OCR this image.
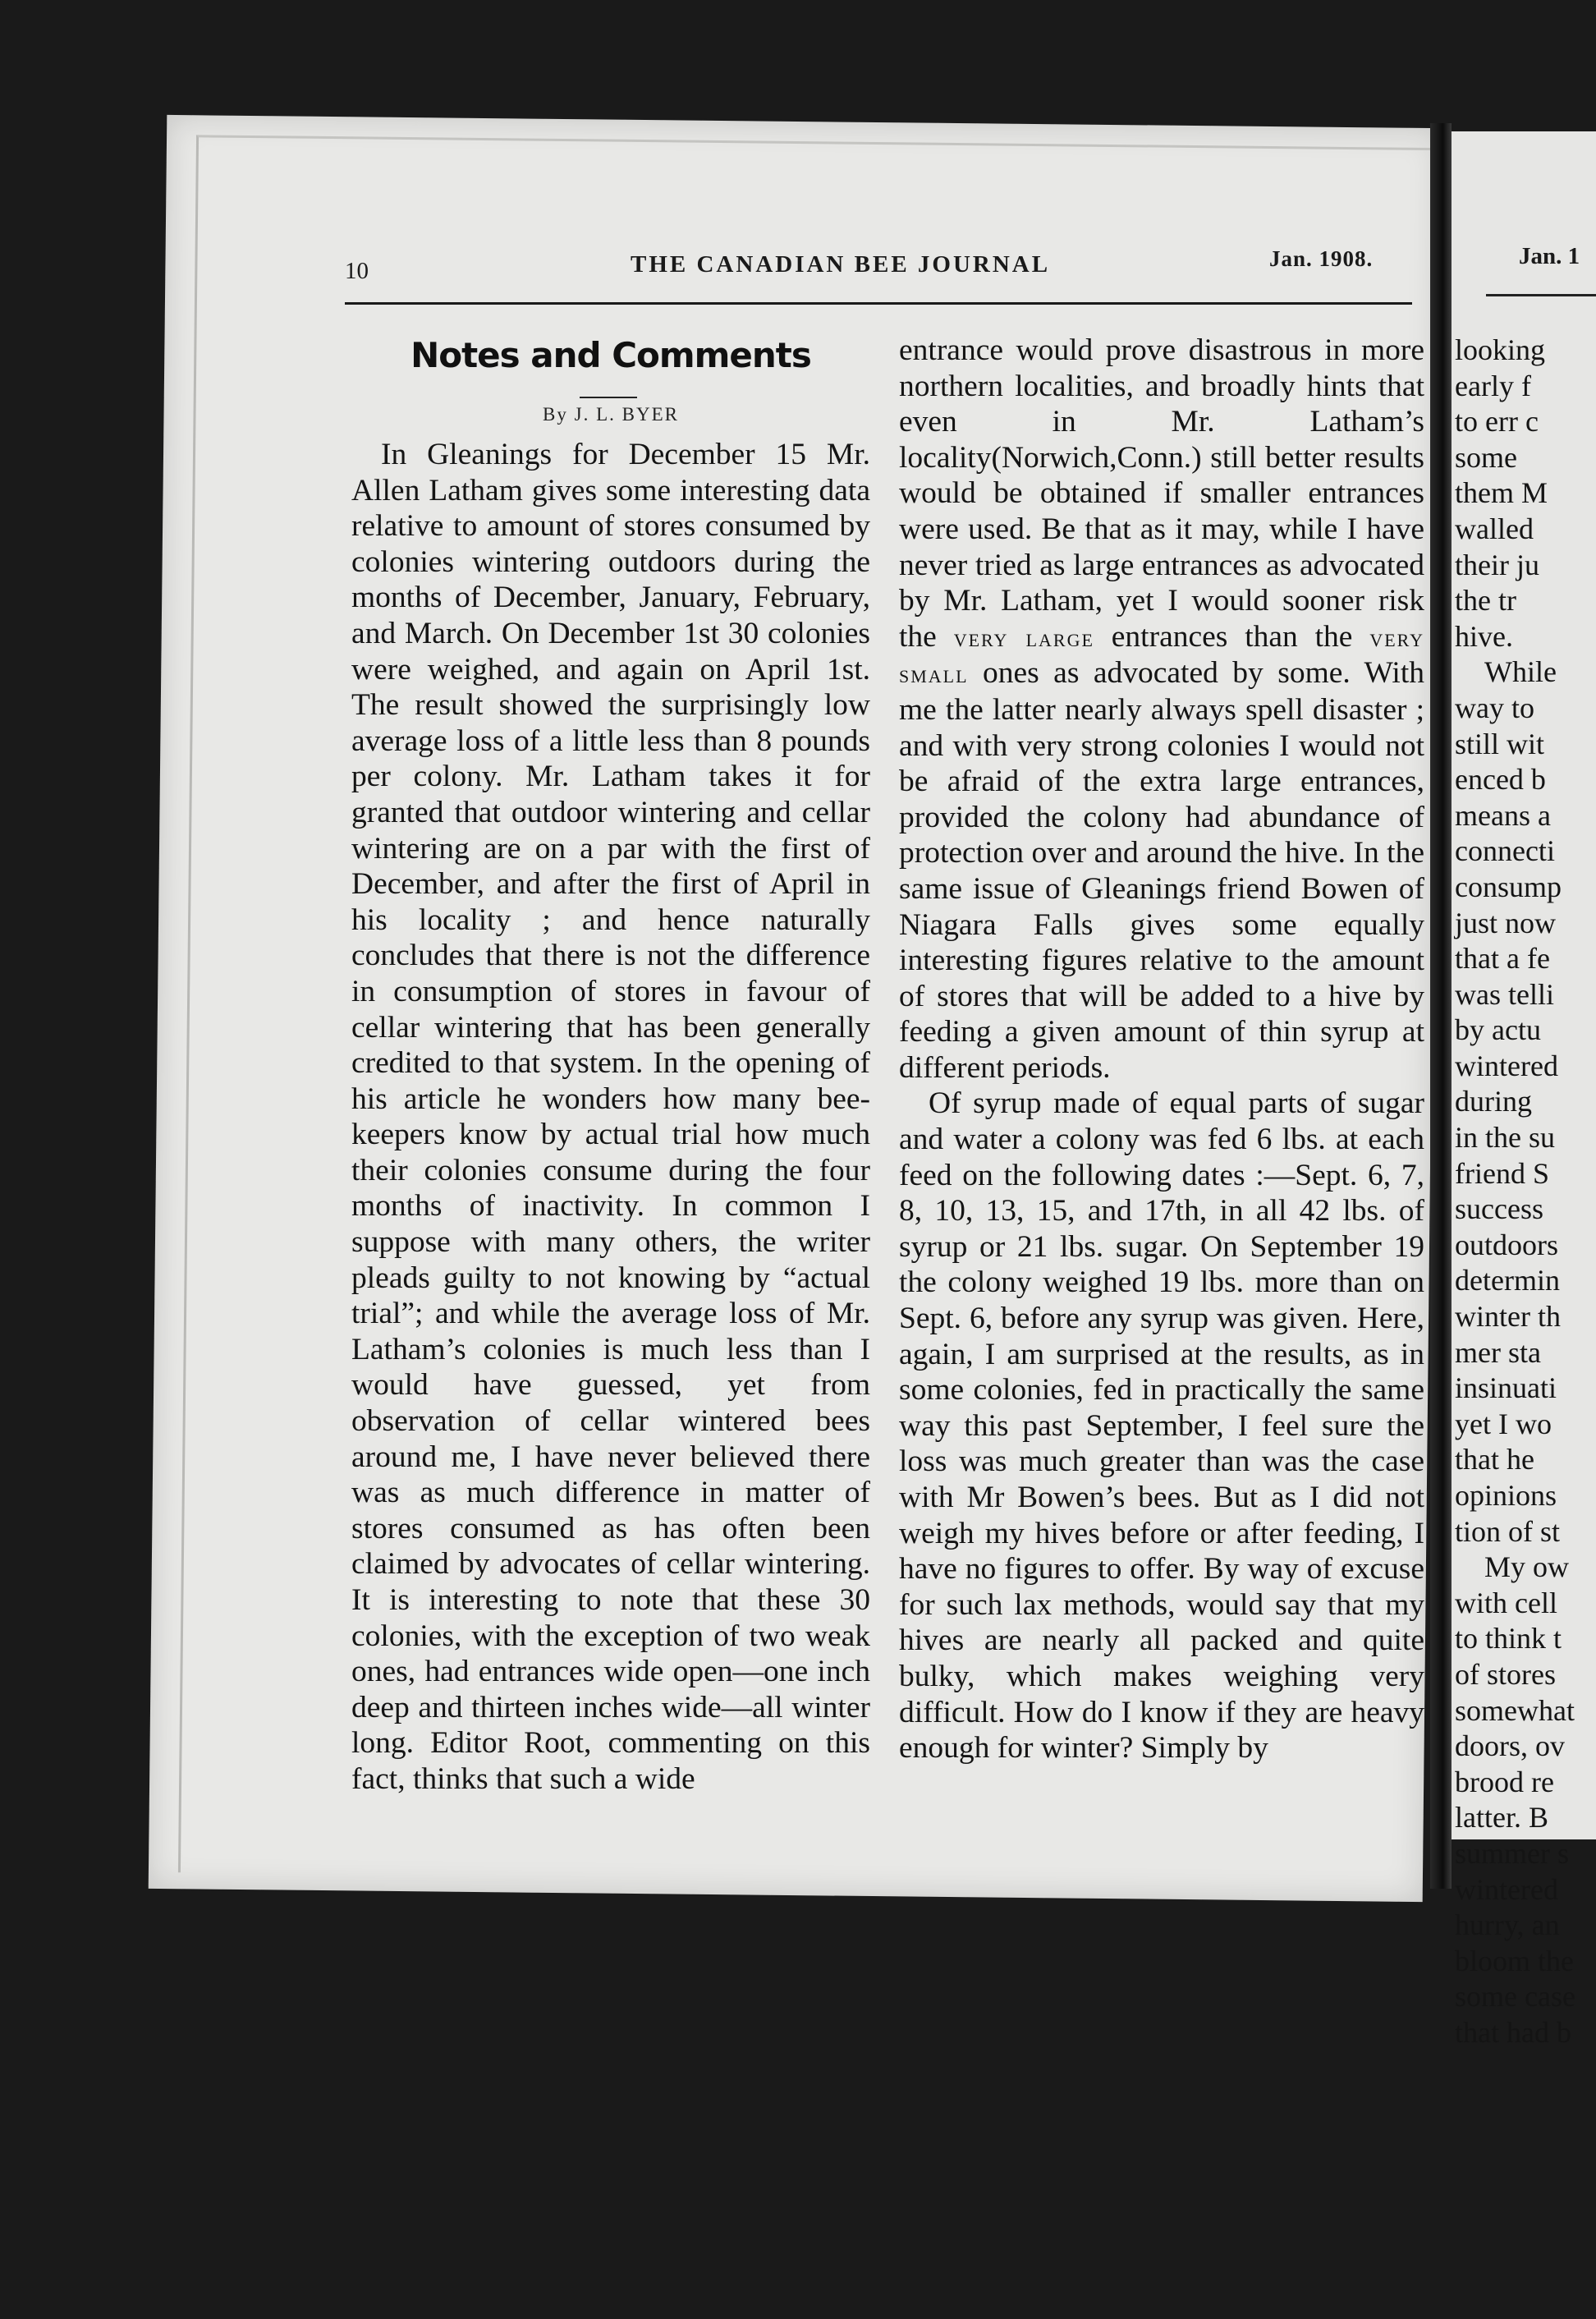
10	THE CANADIAN BEE JOURNAL	Jan. 1908.
Notes and Comments
By J. L. BYER

In Gleanings for December 15 Mr. Allen Latham gives some interesting data relative to amount of stores consumed by colonies wintering outdoors during the months of December, January, February, and March. On December 1st 30 colonies were weighed, and again on April 1st. The result showed the surprisingly low average loss of a little less than 8 pounds per colony. Mr. Latham takes it for granted that outdoor wintering and cellar wintering are on a par with the first of December, and after the first of April in his locality ; and hence naturally concludes that there is not the difference in consumption of stores in favour of cellar wintering that has been generally credited to that system. In the opening of his article he wonders how many bee-keepers know by actual trial how much their colonies consume during the four months of inactivity. In common I suppose with many others, the writer pleads guilty to not knowing by “actual trial”; and while the average loss of Mr. Latham’s colonies is much less than I would have guessed, yet from observation of cellar wintered bees around me, I have never believed there was as much difference in matter of stores consumed as has often been claimed by advocates of cellar wintering. It is interesting to note that these 30 colonies, with the exception of two weak ones, had entrances wide open—one inch deep and thirteen inches wide—all winter long. Editor Root, commenting on this fact, thinks that such a wide

entrance would prove disastrous in more northern localities, and broadly hints that even in Mr. Latham’s locality(Norwich,Conn.) still better results would be obtained if smaller entrances were used. Be that as it may, while I have never tried as large entrances as advocated by Mr. Latham, yet I would sooner risk the very large entrances than the very small ones as advocated by some. With me the latter nearly always spell disaster ; and with very strong colonies I would not be afraid of the extra large entrances, provided the colony had abundance of protection over and around the hive. In the same issue of Gleanings friend Bowen of Niagara Falls gives some equally interesting figures relative to the amount of stores that will be added to a hive by feeding a given amount of thin syrup at different periods.

Of syrup made of equal parts of sugar and water a colony was fed 6 lbs. at each feed on the following dates :—Sept. 6, 7, 8, 10, 13, 15, and 17th, in all 42 lbs. of syrup or 21 lbs. sugar. On September 19 the colony weighed 19 lbs. more than on Sept. 6, before any syrup was given. Here, again, I am surprised at the results, as in some colonies, fed in practically the same way this past September, I feel sure the loss was much greater than was the case with Mr Bowen’s bees. But as I did not weigh my hives before or after feeding, I have no figures to offer. By way of excuse for such lax methods, would say that my hives are nearly all packed and quite bulky, which makes weighing very difficult. How do I know if they are heavy enough for winter? Simply by

Jan. 1
looking
early f
to err c
some
them M
walled
their ju
the tr
hive.
While
way to
still wit
enced b
means a
connecti
consump
just now
that a fe
was telli
by actu
wintered
during
in the su
friend S
success
outdoors
determin
winter th
mer sta
insinuati
yet I wo
that he
opinions
tion of st
My ow
with cell
to think t
of stores
somewhat
doors, ov
brood re
latter. B
summer s
wintered
hurry, an
bloom the
some case
that had b
